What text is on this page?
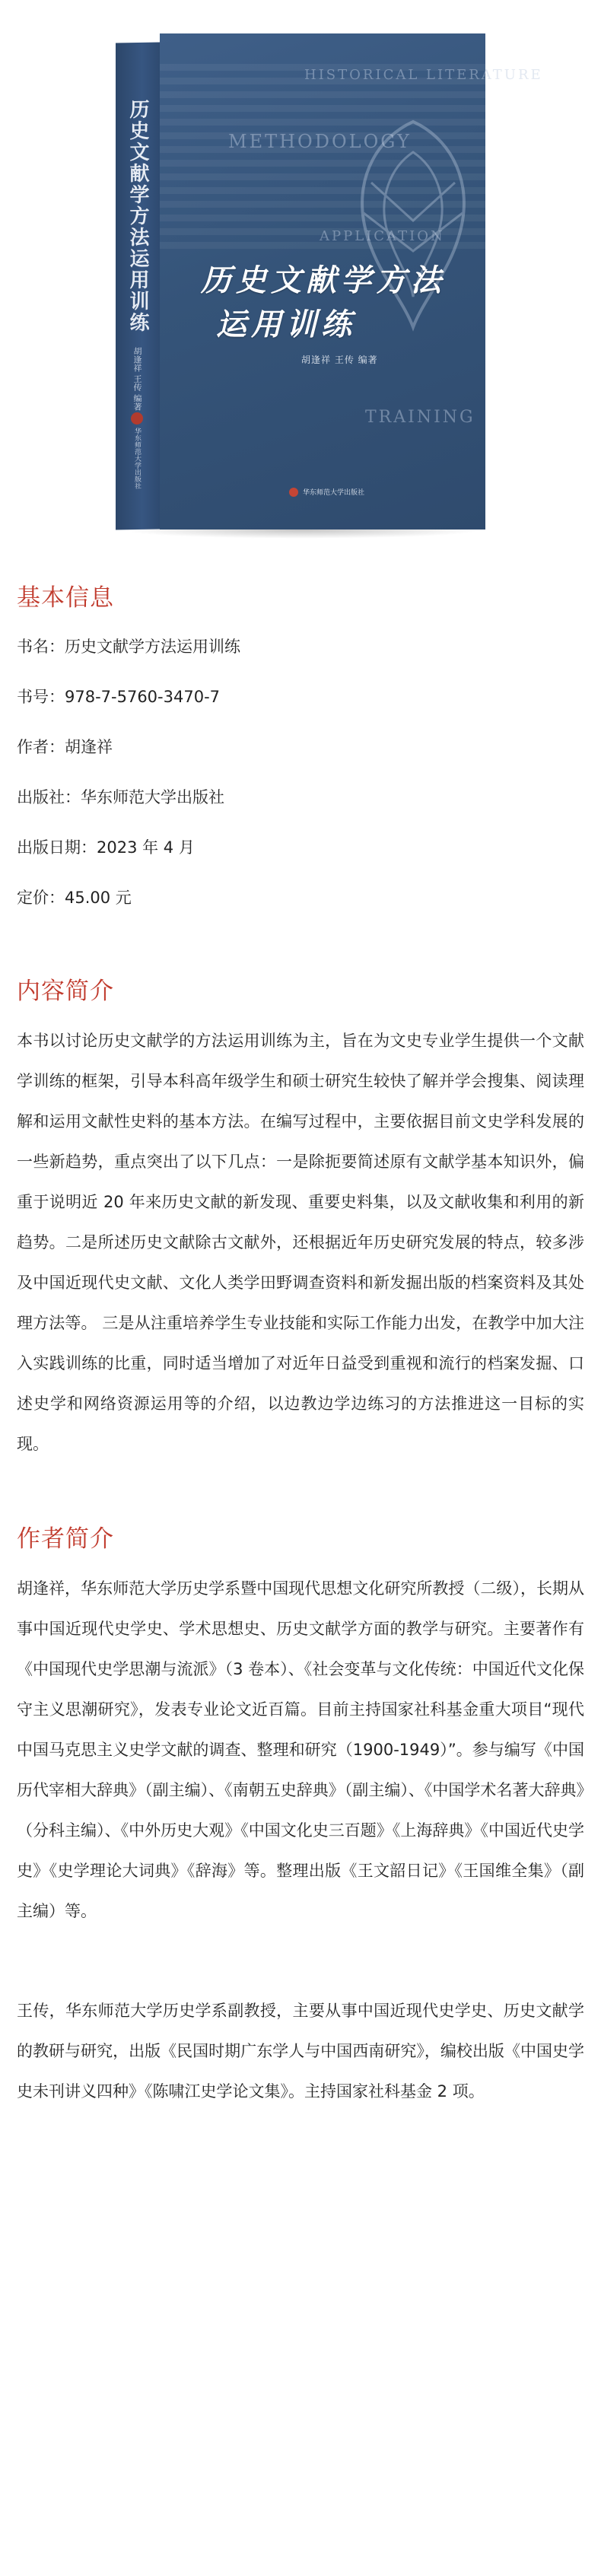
历史文献学方法运用训练
胡逢祥 王传 编著
华东师范大学出版社
HISTORICAL LITERATURE
METHODOLOGY
APPLICATION
TRAINING
历史文献学方法
运用训练
胡逢祥 王传 编著
华东师范大学出版社
基本信息

书名：历史文献学方法运用训练

书号：978-7-5760-3470-7

作者：胡逢祥

出版社：华东师范大学出版社

出版日期：2023 年 4 月

定价：45.00 元

内容简介

本书以讨论历史文献学的方法运用训练为主，旨在为文史专业学生提供一个文献学训练的框架，引导本科高年级学生和硕士研究生较快了解并学会搜集、阅读理解和运用文献性史料的基本方法。在编写过程中，主要依据目前文史学科发展的一些新趋势，重点突出了以下几点：一是除扼要简述原有文献学基本知识外，偏重于说明近 20 年来历史文献的新发现、重要史料集，以及文献收集和利用的新趋势。二是所述历史文献除古文献外，还根据近年历史研究发展的特点，较多涉及中国近现代史文献、文化人类学田野调查资料和新发掘出版的档案资料及其处理方法等。 三是从注重培养学生专业技能和实际工作能力出发，在教学中加大注入实践训练的比重，同时适当增加了对近年日益受到重视和流行的档案发掘、口述史学和网络资源运用等的介绍，以边教边学边练习的方法推进这一目标的实现。

作者简介

胡逢祥，华东师范大学历史学系暨中国现代思想文化研究所教授（二级），长期从事中国近现代史学史、学术思想史、历史文献学方面的教学与研究。主要著作有《中国现代史学思潮与流派》（3 卷本）、《社会变革与文化传统：中国近代文化保守主义思潮研究》，发表专业论文近百篇。目前主持国家社科基金重大项目“现代中国马克思主义史学文献的调查、整理和研究（1900-1949）”。参与编写《中国历代宰相大辞典》（副主编）、《南朝五史辞典》（副主编）、《中国学术名著大辞典》（分科主编）、《中外历史大观》《中国文化史三百题》《上海辞典》《中国近代史学史》《史学理论大词典》《辞海》等。整理出版《王文韶日记》《王国维全集》（副主编）等。

王传，华东师范大学历史学系副教授，主要从事中国近现代史学史、历史文献学的教研与研究，出版《民国时期广东学人与中国西南研究》，编校出版《中国史学史未刊讲义四种》《陈啸江史学论文集》。主持国家社科基金 2 项。
